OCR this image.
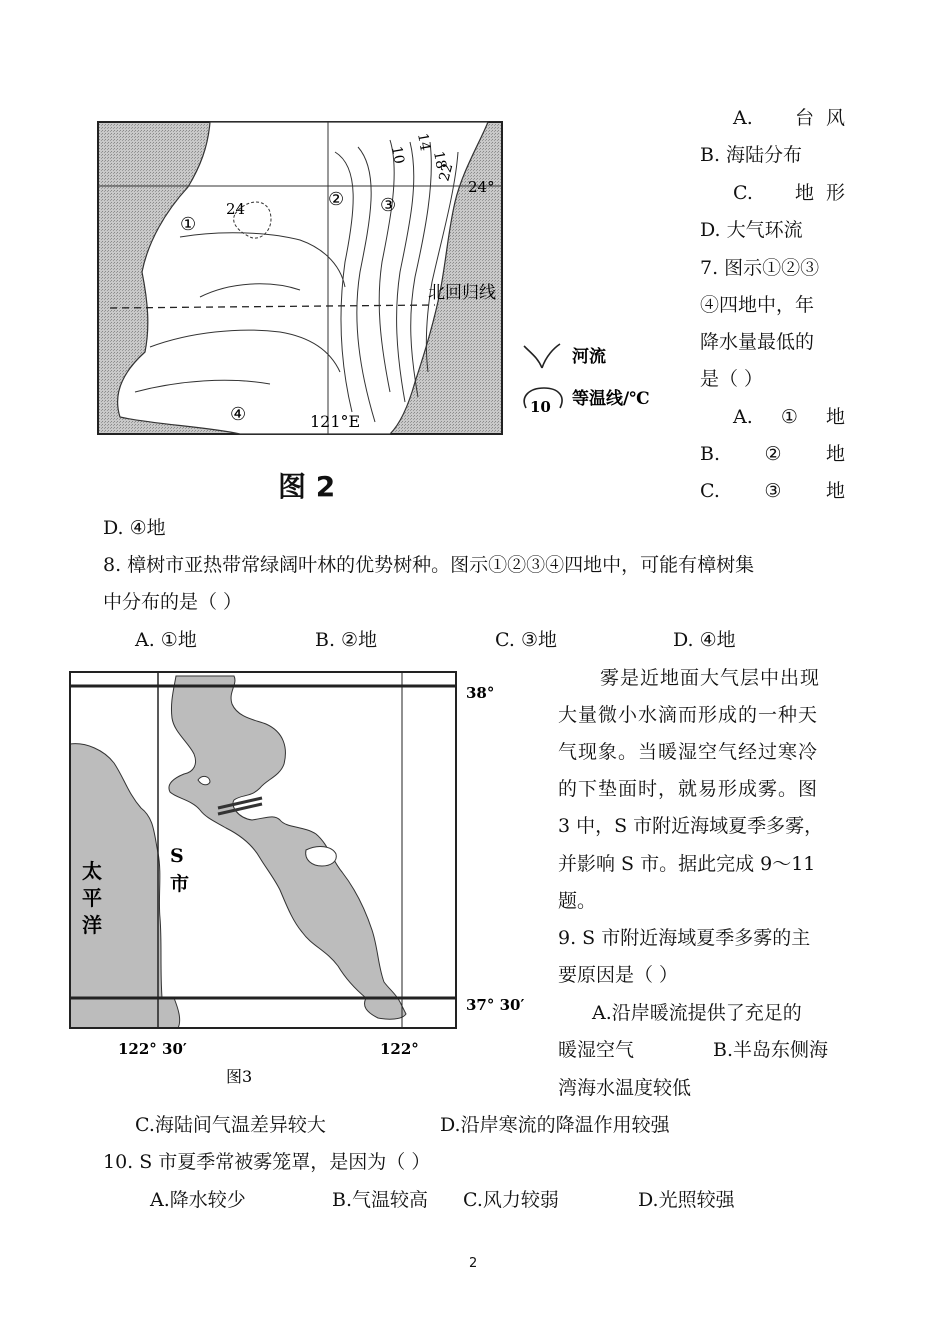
①
② ③
④
24
10
14
18
22
24°
北回归线
121°E
河流
10 等温线/℃
图 2
A. 台风
B. 海陆分布
C. 地形
D. 大气环流
7. 图示①②③
④四地中，年
降水量最低的
是（ ）
A. ① 地
B. ② 地
C. ③ 地
D. ④地
8. 樟树市亚热带常绿阔叶林的优势树种。图示①②③④四地中，可能有樟树集
中分布的是（ ）
A. ①地	B. ②地	C. ③地	D. ④地
38°
37° 30′
122° 30′	122°
太
平
洋
S
市
图3
雾是近地面大气层中出现
大量微小水滴而形成的一种天
气现象。当暖湿空气经过寒冷
的下垫面时，就易形成雾。图
3 中，S 市附近海域夏季多雾，
并影响 S 市。据此完成 9～11
题。
9. S 市附近海域夏季多雾的主
要原因是（ ）
A.沿岸暖流提供了充足的
暖湿空气	B.半岛东侧海
湾海水温度较低
C.海陆间气温差异较大	D.沿岸寒流的降温作用较强
10. S 市夏季常被雾笼罩，是因为（ ）
A.降水较少	B.气温较高 C.风力较弱	D.光照较强
2
